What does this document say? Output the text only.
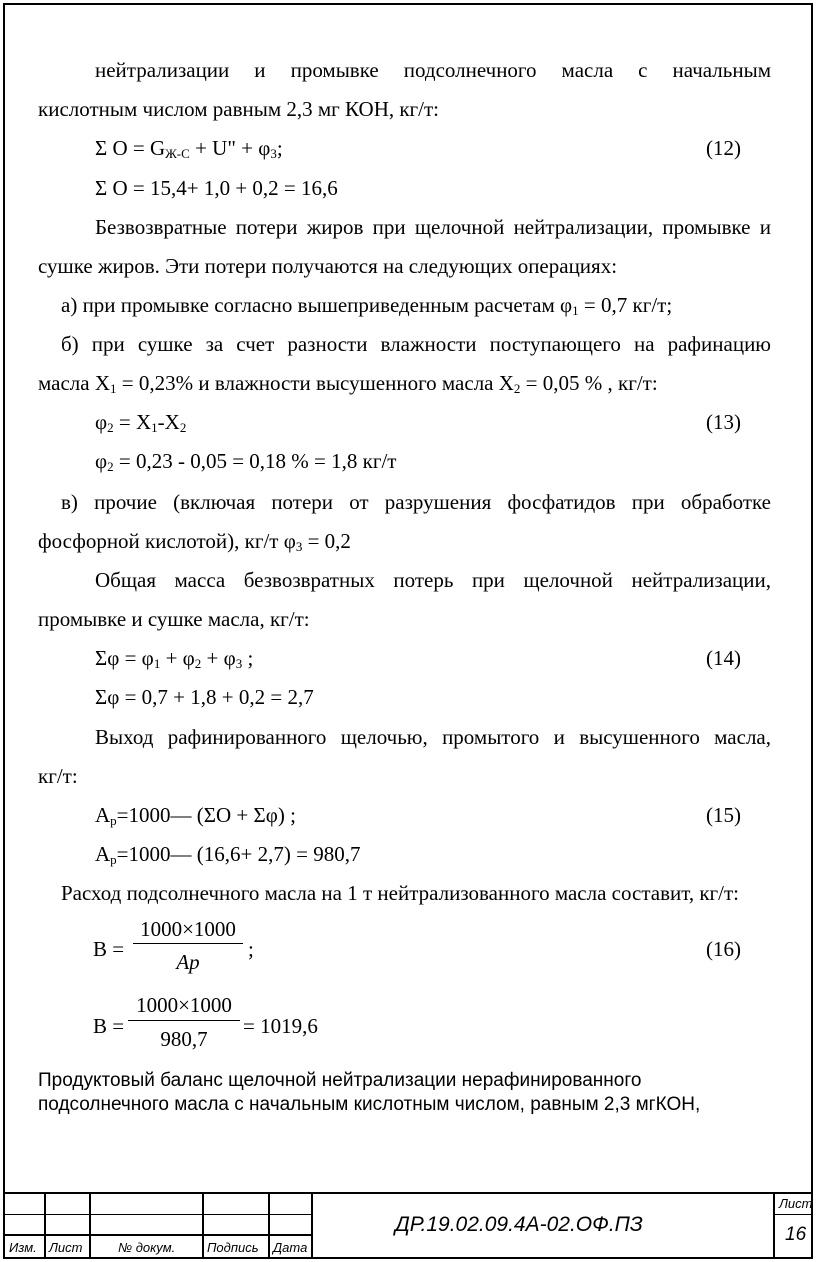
нейтрализации и промывке подсолнечного масла с начальным
кислотным числом равным 2,3 мг КОН, кг/т:
Σ $О = G_{Ж-С} + U$" + $\varphi_3$;	(12)
Σ О = 15,4+ 1,0 + 0,2 = 16,6
Безвозвратные потери жиров при щелочной нейтрализации, промывке и
сушке жиров. Эти потери получаются на следующих операциях:
а) при промывке согласно вышеприведенным расчетам $\varphi_1 = 0,7$ кг/т;
б) при сушке за счет разности влажности поступающего на рафинацию
масла $X_1 = 0,23\%$ и влажности высушенного масла $X_2 = 0,05$ % , кг/т:
$\varphi_2 = X_1-X_2$	(13)
$\varphi_2 = 0,23 - 0,05 = 0,18$ % = 1,8 кг/т
в) прочие (включая потери от разрушения фосфатидов при обработке
фосфорной кислотой), кг/т $\varphi_3 = 0,2$
Общая масса безвозвратных потерь при щелочной нейтрализации,
промывке и сушке масла, кг/т:
$\Sigma\varphi = \varphi_1 + \varphi_2 + \varphi_3$ ;	(14)
Σφ = 0,7 + 1,8 + 0,2 = 2,7
Выход рафинированного щелочью, промытого и высушенного масла,
кг/т:
$А_р=1000—$ (ΣО + Σφ) ;	(15)
$А_р=1000—$ (16,6+ 2,7) = 980,7
Расход подсолнечного масла на 1 т нейтрализованного масла составит, кг/т:
В =
1000×1000
Ap
;	(16)
В =
1000×1000
980,7
= 1019,6
Продуктовый баланс щелочной нейтрализации нерафинированного
подсолнечного масла с начальным кислотным числом, равным 2,3 мгКОН,
Изм. Лист	№ докум. Подпись Дата
ДР.19.02.09.4А-02.ОФ.ПЗ
Лист
16
